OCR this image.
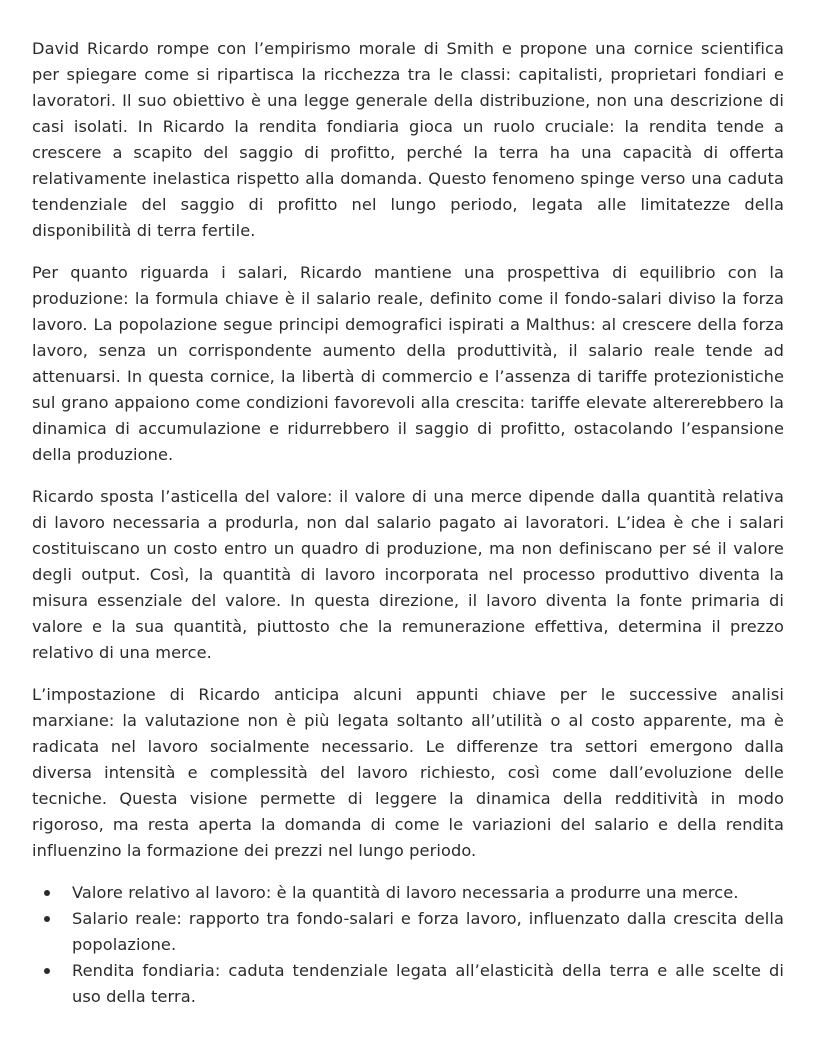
David Ricardo rompe con l’empirismo morale di Smith e propone una cornice scientifica per spiegare come si ripartisca la ricchezza tra le classi: capitalisti, proprietari fondiari e lavoratori. Il suo obiettivo è una legge generale della distribuzione, non una descrizione di casi isolati. In Ricardo la rendita fondiaria gioca un ruolo cruciale: la rendita tende a crescere a scapito del saggio di profitto, perché la terra ha una capacità di offerta relativamente inelastica rispetto alla domanda. Questo fenomeno spinge verso una caduta tendenziale del saggio di profitto nel lungo periodo, legata alle limitatezze della disponibilità di terra fertile.

Per quanto riguarda i salari, Ricardo mantiene una prospettiva di equilibrio con la produzione: la formula chiave è il salario reale, definito come il fondo-salari diviso la forza lavoro. La popolazione segue principi demografici ispirati a Malthus: al crescere della forza lavoro, senza un corrispondente aumento della produttività, il salario reale tende ad attenuarsi. In questa cornice, la libertà di commercio e l’assenza di tariffe protezionistiche sul grano appaiono come condizioni favorevoli alla crescita: tariffe elevate altererebbero la dinamica di accumulazione e ridurrebbero il saggio di profitto, ostacolando l’espansione della produzione.

Ricardo sposta l’asticella del valore: il valore di una merce dipende dalla quantità relativa di lavoro necessaria a produrla, non dal salario pagato ai lavoratori. L’idea è che i salari costituiscano un costo entro un quadro di produzione, ma non definiscano per sé il valore degli output. Così, la quantità di lavoro incorporata nel processo produttivo diventa la misura essenziale del valore. In questa direzione, il lavoro diventa la fonte primaria di valore e la sua quantità, piuttosto che la remunerazione effettiva, determina il prezzo relativo di una merce.

L’impostazione di Ricardo anticipa alcuni appunti chiave per le successive analisi marxiane: la valutazione non è più legata soltanto all’utilità o al costo apparente, ma è radicata nel lavoro socialmente necessario. Le differenze tra settori emergono dalla diversa intensità e complessità del lavoro richiesto, così come dall’evoluzione delle tecniche. Questa visione permette di leggere la dinamica della redditività in modo rigoroso, ma resta aperta la domanda di come le variazioni del salario e della rendita influenzino la formazione dei prezzi nel lungo periodo.

Valore relativo al lavoro: è la quantità di lavoro necessaria a produrre una merce.
Salario reale: rapporto tra fondo-salari e forza lavoro, influenzato dalla crescita della popolazione.
Rendita fondiaria: caduta tendenziale legata all’elasticità della terra e alle scelte di uso della terra.
